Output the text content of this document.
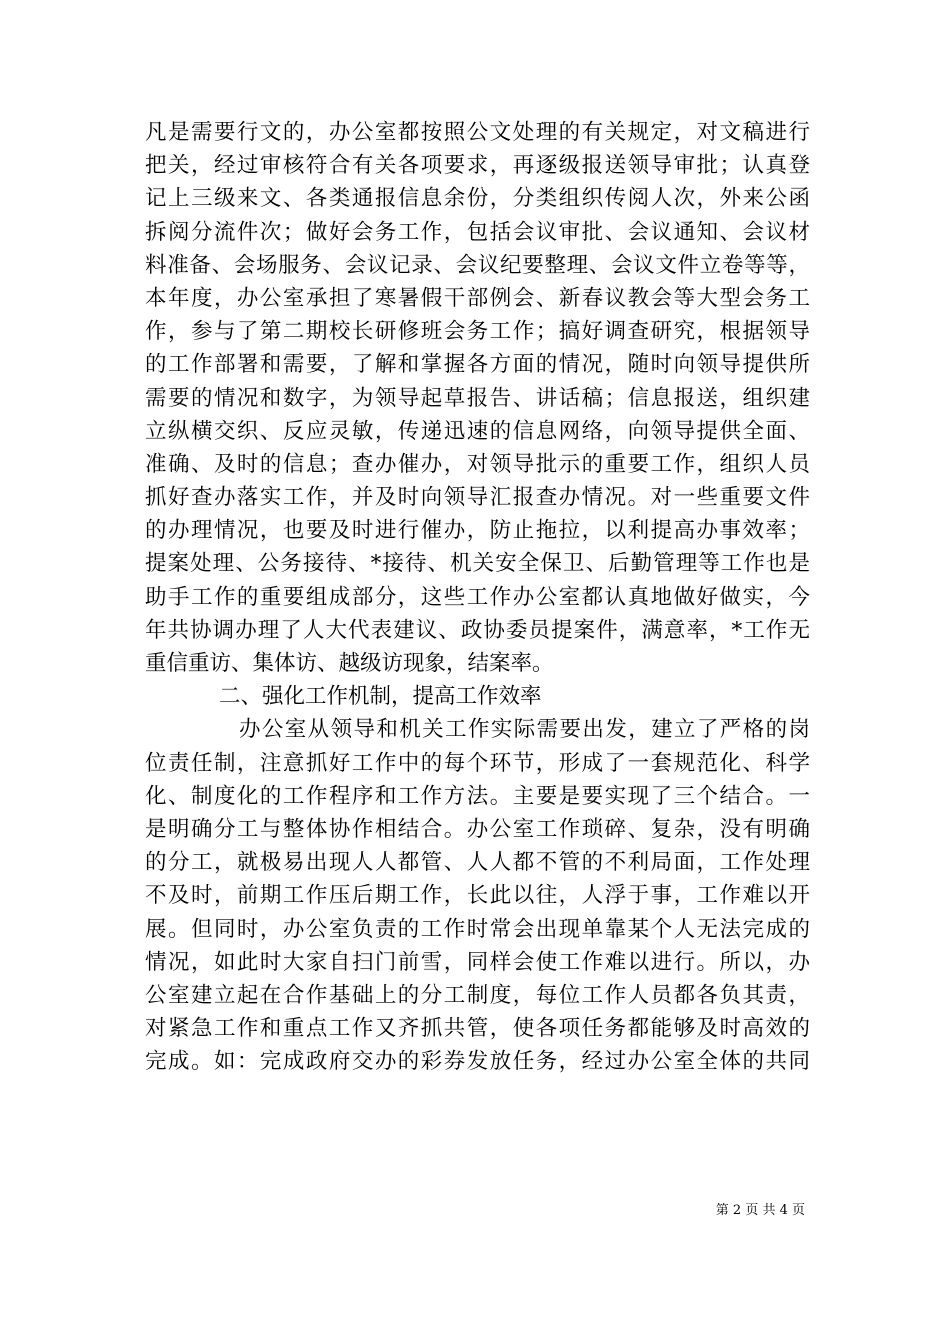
凡是需要行文的，办公室都按照公文处理的有关规定，对文稿进行
把关，经过审核符合有关各项要求，再逐级报送领导审批；认真登
记上三级来文、各类通报信息余份，分类组织传阅人次，外来公函
拆阅分流件次；做好会务工作，包括会议审批、会议通知、会议材
料准备、会场服务、会议记录、会议纪要整理、会议文件立卷等等，
本年度，办公室承担了寒暑假干部例会、新春议教会等大型会务工
作，参与了第二期校长研修班会务工作；搞好调查研究，根据领导
的工作部署和需要，了解和掌握各方面的情况，随时向领导提供所
需要的情况和数字，为领导起草报告、讲话稿；信息报送，组织建
立纵横交织、反应灵敏，传递迅速的信息网络，向领导提供全面、
准确、及时的信息；查办催办，对领导批示的重要工作，组织人员
抓好查办落实工作，并及时向领导汇报查办情况。对一些重要文件
的办理情况，也要及时进行催办，防止拖拉，以利提高办事效率；
提案处理、公务接待、*接待、机关安全保卫、后勤管理等工作也是
助手工作的重要组成部分，这些工作办公室都认真地做好做实，今
年共协调办理了人大代表建议、政协委员提案件，满意率，*工作无
重信重访、集体访、越级访现象，结案率。
二、强化工作机制，提高工作效率
办公室从领导和机关工作实际需要出发，建立了严格的岗
位责任制，注意抓好工作中的每个环节，形成了一套规范化、科学
化、制度化的工作程序和工作方法。主要是要实现了三个结合。一
是明确分工与整体协作相结合。办公室工作琐碎、复杂，没有明确
的分工，就极易出现人人都管、人人都不管的不利局面，工作处理
不及时，前期工作压后期工作，长此以往，人浮于事，工作难以开
展。但同时，办公室负责的工作时常会出现单靠某个人无法完成的
情况，如此时大家自扫门前雪，同样会使工作难以进行。所以，办
公室建立起在合作基础上的分工制度，每位工作人员都各负其责，
对紧急工作和重点工作又齐抓共管，使各项任务都能够及时高效的
完成。如：完成政府交办的彩券发放任务，经过办公室全体的共同
第 2 页 共 4 页
